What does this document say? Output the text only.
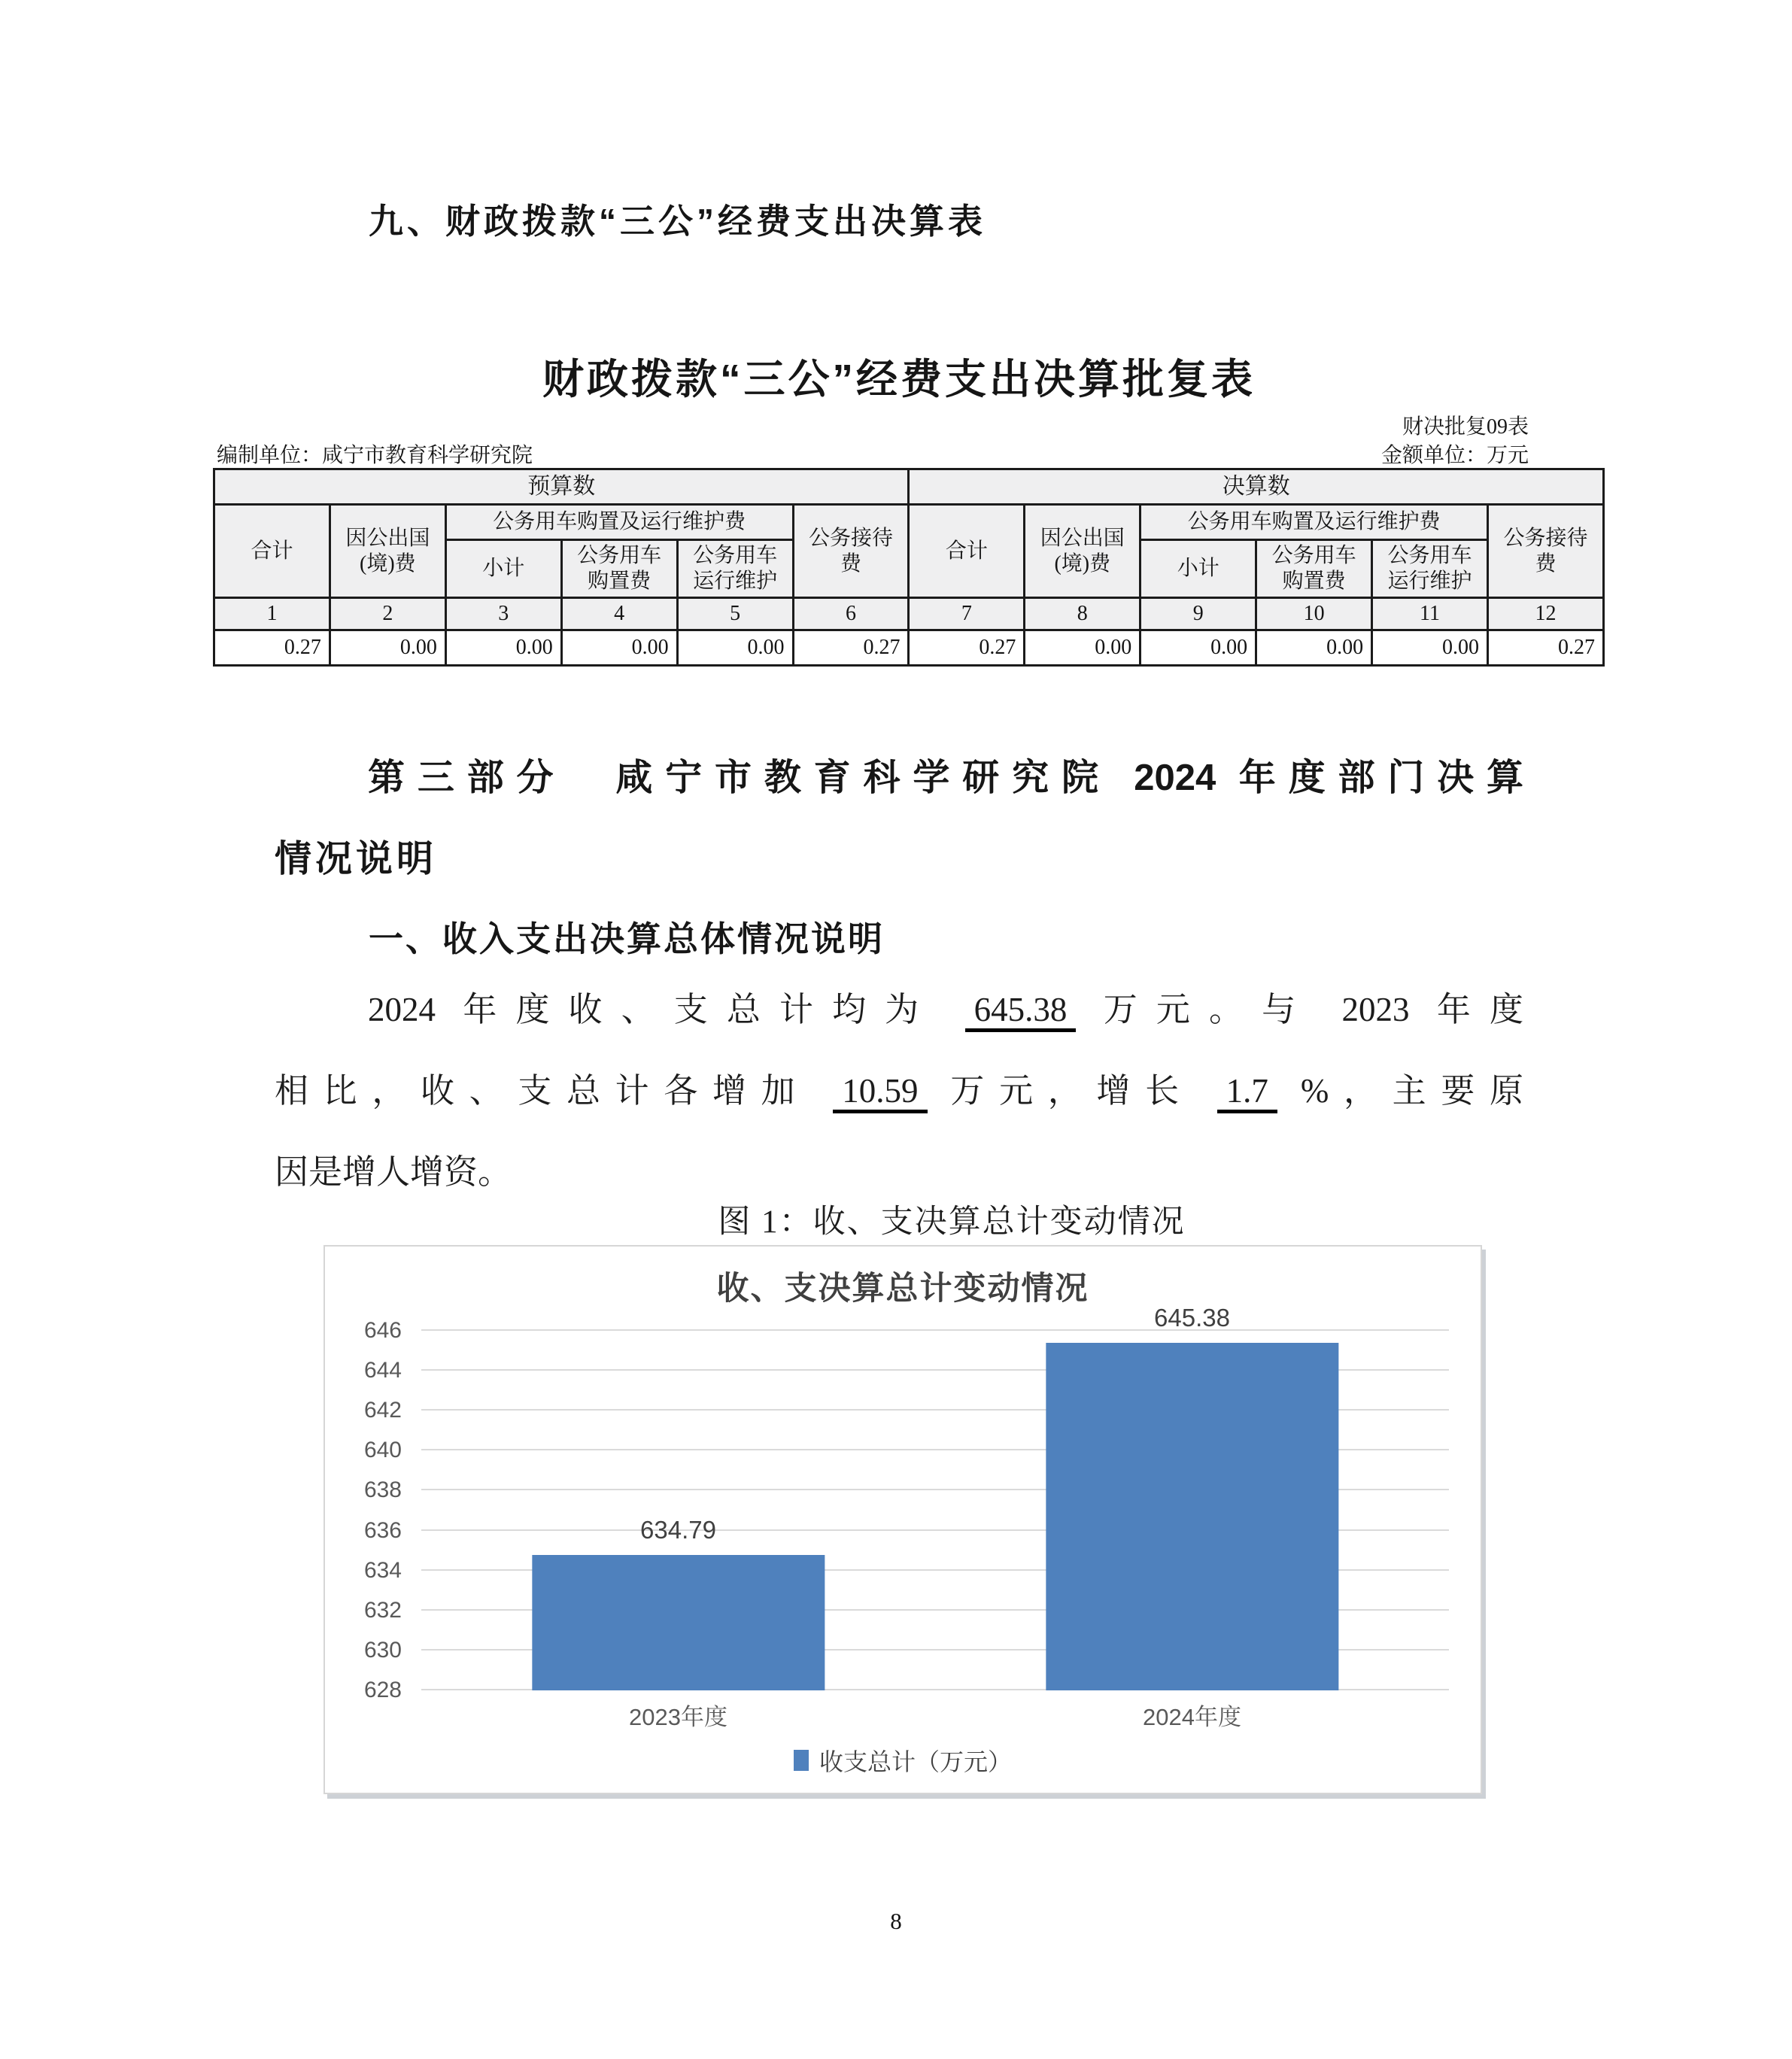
九、财政拨款“三公”经费支出决算表
财政拨款“三公”经费支出决算批复表
财决批复09表
编制单位：咸宁市教育科学研究院	金额单位：万元
预算数						决算数					
合计	因公出国(境)费	公务用车购置及运行维护费			公务接待费	合计	因公出国(境)费	公务用车购置及运行维护费			公务接待费
		小计	公务用车购置费	公务用车运行维护				小计	公务用车购置费	公务用车运行维护	
1	2	3	4	5	6	7	8	9	10	11	12
0.27	0.00	0.00	0.00	0.00	0.27	0.27	0.00	0.00	0.00	0.00	0.27
第三部分　咸宁市教育科学研究院 2024 年度部门决算
情况说明
一、收入支出决算总体情况说明
2024 年度收、支总计均为 645.38 万元。与 2023 年度
相比，收、支总计各增加 10.59 万元，增长 1.7 %，主要原
因是增人增资。
图 1：收、支决算总计变动情况
收、支决算总计变动情况
646
644
642
640
638
636
634
632
630
628
634.79
645.38
2023年度	2024年度
收支总计（万元）
8
